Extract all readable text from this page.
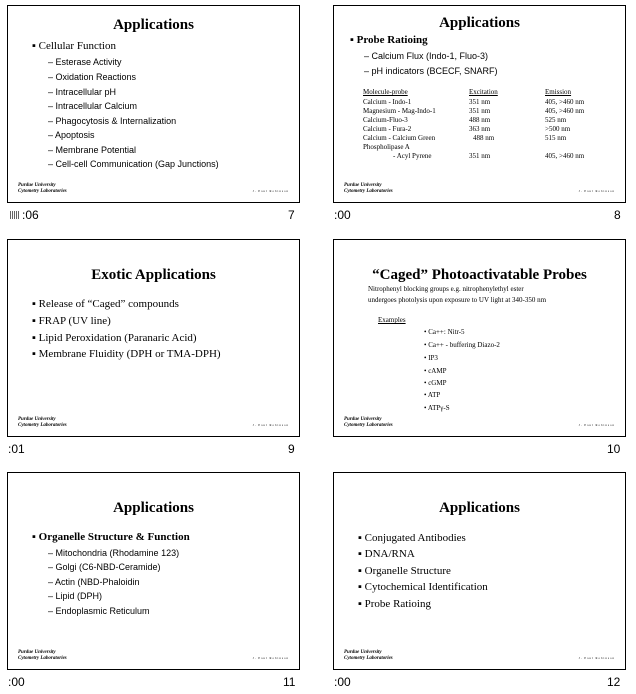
Applications
▪ Cellular Function
– Esterase Activity
– Oxidation Reactions
– Intracellular pH
– Intracellular Calcium
– Phagocytosis & Internalization
– Apoptosis
– Membrane Potential
– Cell-cell Communication (Gap Junctions)
Purdue University
Cytometry Laboratories	J. Paul Robinson
:06	7
Applications
▪ Probe Ratioing
– Calcium Flux (Indo-1, Fluo-3)
– pH indicators (BCECF, SNARF)
Molecule-probe	Excitation	Emission
Calcium - Indo-1	351 nm	405, >460 nm
Magnesium - Mag-Indo-1	351 nm	405, >460 nm
Calcium-Fluo-3	488 nm	525 nm
Calcium - Fura-2	363 nm	>500 nm
Calcium - Calcium Green	488 nm	515 nm
Phospholipase A
- Acyl Pyrene	351 nm	405, >460 nm
Purdue University
Cytometry Laboratories	J. Paul Robinson
:00	8
Exotic Applications
▪ Release of “Caged” compounds
▪ FRAP (UV line)
▪ Lipid Peroxidation (Paranaric Acid)
▪ Membrane Fluidity (DPH or TMA-DPH)
Purdue University
Cytometry Laboratories	J. Paul Robinson
:01	9
“Caged” Photoactivatable Probes
Nitrophenyl blocking groups e.g. nitrophenylethyl ester
undergoes photolysis upon exposure to UV light at 340-350 nm
Examples
• Ca++: Nitr-5
• Ca++ - buffering Diazo-2
• IP3
• cAMP
• cGMP
• ATP
• ATPγ-S
Purdue University
Cytometry Laboratories	J. Paul Robinson
10
Applications
▪ Organelle Structure & Function
– Mitochondria (Rhodamine 123)
– Golgi (C6-NBD-Ceramide)
– Actin (NBD-Phaloidin
– Lipid (DPH)
– Endoplasmic Reticulum
Purdue University
Cytometry Laboratories	J. Paul Robinson
:00	11
Applications
▪ Conjugated Antibodies
▪ DNA/RNA
▪ Organelle Structure
▪ Cytochemical Identification
▪ Probe Ratioing
Purdue University
Cytometry Laboratories	J. Paul Robinson
:00	12
